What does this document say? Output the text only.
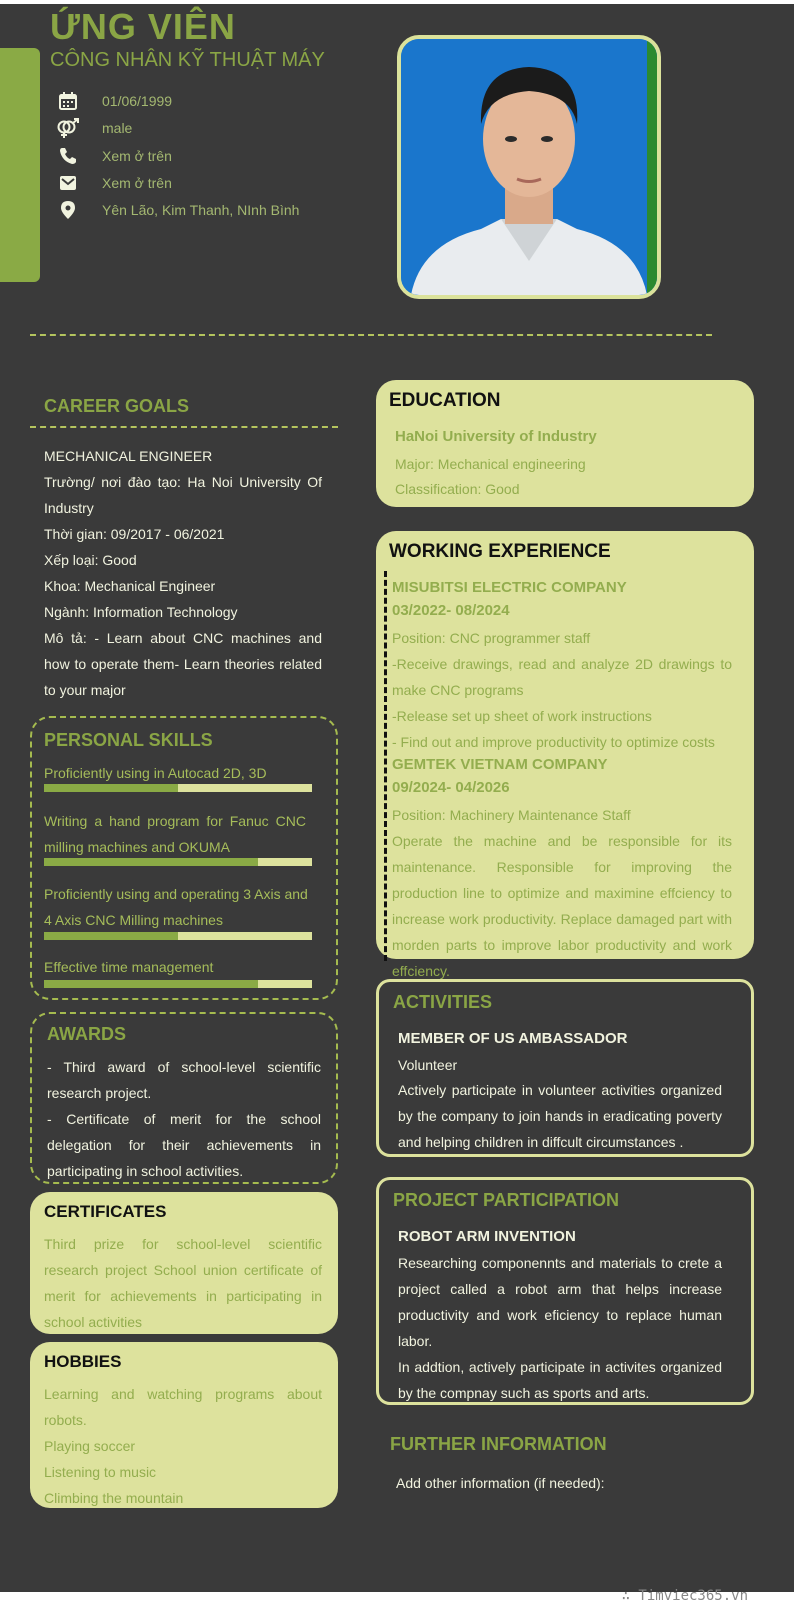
ỨNG VIÊN
CÔNG NHÂN KỸ THUẬT MÁY
01/06/1999
male
Xem ở trên
Xem ở trên
Yên Lão, Kim Thanh, NInh Bình
CAREER GOALS
MECHANICAL ENGINEER
Trường/ nơi đào tạo: Ha Noi University Of Industry
Thời gian: 09/2017 - 06/2021
Xếp loại: Good
Khoa: Mechanical Engineer
Ngành: Information Technology
Mô tả: - Learn about CNC machines and how to operate them- Learn theories related to your major
PERSONAL SKILLS
Proficiently using in Autocad 2D, 3D
Writing a hand program for Fanuc CNC milling machines and OKUMA
Proficiently using and operating 3 Axis and 4 Axis CNC Milling machines
Effective time management
AWARDS
- Third award of school-level scientific research project.
- Certificate of merit for the school delegation for their achievements in participating in school activities.
CERTIFICATES
Third prize for school-level scientific research project School union certificate of merit for achievements in participating in school activities
HOBBIES
Learning and watching programs about robots.
Playing soccer
Listening to music
Climbing the mountain
EDUCATION
HaNoi University of Industry
Major: Mechanical engineering
Classification: Good
WORKING EXPERIENCE
MISUBITSI ELECTRIC COMPANY
03/2022- 08/2024
Position: CNC programmer staff
-Receive drawings, read and analyze 2D drawings to make CNC programs
-Release set up sheet of work instructions
- Find out and improve productivity to optimize costs
GEMTEK VIETNAM COMPANY
09/2024- 04/2026
Position: Machinery Maintenance Staff
Operate the machine and be responsible for its maintenance. Responsible for improving the production line to optimize and maximine effciency to increase work productivity. Replace damaged part with morden parts to improve labor productivity and work effciency.
ACTIVITIES
MEMBER OF US AMBASSADOR
Volunteer
Actively participate in volunteer activities organized by the company to join hands in eradicating poverty and helping children in diffcult circumstances .
PROJECT PARTICIPATION
ROBOT ARM INVENTION
Researching componennts and materials to crete a project called a robot arm that helps increase productivity and work eficiency to replace human labor.
In addtion, actively participate in activites organized by the compnay such as sports and arts.
FURTHER INFORMATION
Add other information (if needed):
∴ Timviec365.vn
